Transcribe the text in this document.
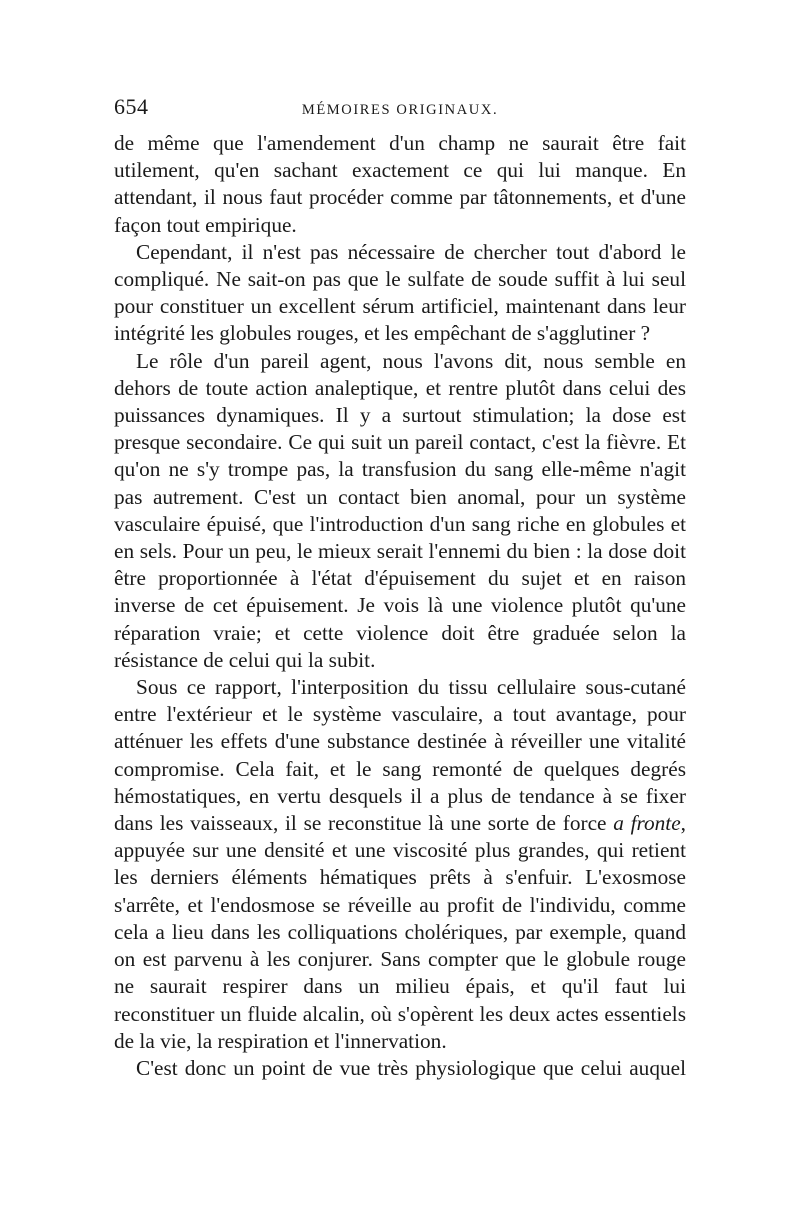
654	MÉMOIRES ORIGINAUX.

de même que l'amendement d'un champ ne saurait être fait utilement, qu'en sachant exactement ce qui lui manque. En attendant, il nous faut procéder comme par tâtonnements, et d'une façon tout empirique.

Cependant, il n'est pas nécessaire de chercher tout d'abord le compliqué. Ne sait-on pas que le sulfate de soude suffit à lui seul pour constituer un excellent sérum artificiel, maintenant dans leur intégrité les globules rouges, et les empêchant de s'agglutiner ?

Le rôle d'un pareil agent, nous l'avons dit, nous semble en dehors de toute action analeptique, et rentre plutôt dans celui des puissances dynamiques. Il y a surtout stimulation; la dose est presque secondaire. Ce qui suit un pareil contact, c'est la fièvre. Et qu'on ne s'y trompe pas, la transfusion du sang elle-même n'agit pas autrement. C'est un contact bien anomal, pour un système vasculaire épuisé, que l'introduction d'un sang riche en globules et en sels. Pour un peu, le mieux serait l'ennemi du bien : la dose doit être proportionnée à l'état d'épuisement du sujet et en raison inverse de cet épuisement. Je vois là une violence plutôt qu'une réparation vraie; et cette violence doit être graduée selon la résistance de celui qui la subit.

Sous ce rapport, l'interposition du tissu cellulaire sous-cutané entre l'extérieur et le système vasculaire, a tout avantage, pour atténuer les effets d'une substance destinée à réveiller une vitalité compromise. Cela fait, et le sang remonté de quelques degrés hémostatiques, en vertu desquels il a plus de tendance à se fixer dans les vaisseaux, il se reconstitue là une sorte de force a fronte, appuyée sur une densité et une viscosité plus grandes, qui retient les derniers éléments hématiques prêts à s'enfuir. L'exosmose s'arrête, et l'endosmose se réveille au profit de l'individu, comme cela a lieu dans les colliquations cholériques, par exemple, quand on est parvenu à les conjurer. Sans compter que le globule rouge ne saurait respirer dans un milieu épais, et qu'il faut lui reconstituer un fluide alcalin, où s'opèrent les deux actes essentiels de la vie, la respiration et l'innervation.

C'est donc un point de vue très physiologique que celui auquel
